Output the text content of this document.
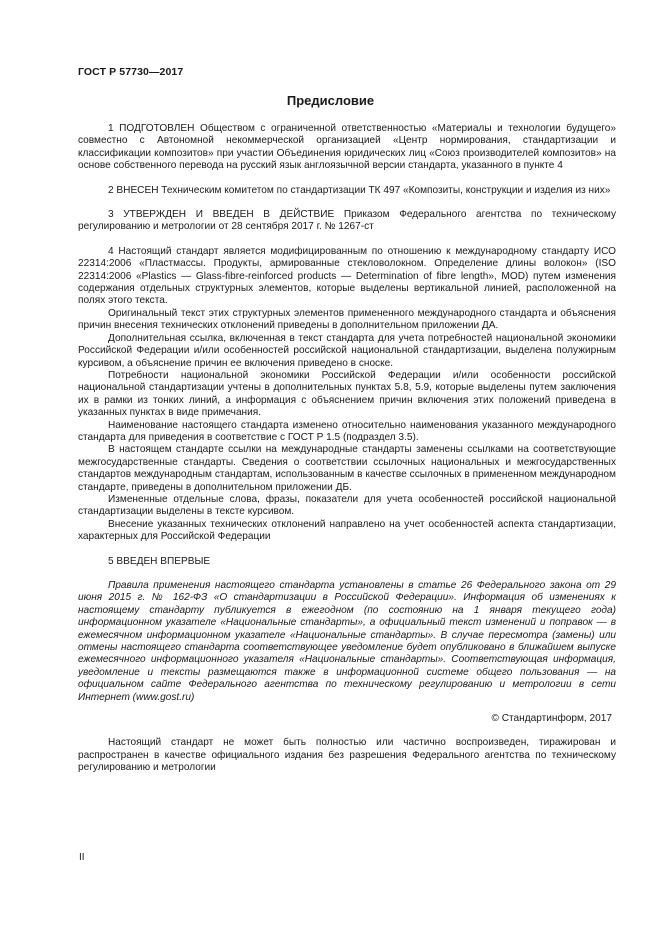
ГОСТ Р 57730—2017
Предисловие

1 ПОДГОТОВЛЕН Обществом с ограниченной ответственностью «Материалы и технологии будущего» совместно с Автономной некоммерческой организацией «Центр нормирования, стандартизации и классификации композитов» при участии Объединения юридических лиц «Союз производителей композитов» на основе собственного перевода на русский язык англоязычной версии стандарта, указанного в пункте 4

2 ВНЕСЕН Техническим комитетом по стандартизации ТК 497 «Композиты, конструкции и изделия из них»

3 УТВЕРЖДЕН И ВВЕДЕН В ДЕЙСТВИЕ Приказом Федерального агентства по техническому регулированию и метрологии от 28 сентября 2017 г. № 1267-ст

4 Настоящий стандарт является модифицированным по отношению к международному стандарту ИСО 22314:2006 «Пластмассы. Продукты, армированные стекловолокном. Определение длины волокон» (ISO 22314:2006 «Plastics — Glass-fibre-reinforced products — Determination of fibre length», MOD) путем изменения содержания отдельных структурных элементов, которые выделены вертикальной линией, расположенной на полях этого текста.

Оригинальный текст этих структурных элементов примененного международного стандарта и объяснения причин внесения технических отклонений приведены в дополнительном приложении ДА.

Дополнительная ссылка, включенная в текст стандарта для учета потребностей национальной экономики Российской Федерации и/или особенностей российской национальной стандартизации, выделена полужирным курсивом, а объяснение причин ее включения приведено в сноске.

Потребности национальной экономики Российской Федерации и/или особенности российской национальной стандартизации учтены в дополнительных пунктах 5.8, 5.9, которые выделены путем заключения их в рамки из тонких линий, а информация с объяснением причин включения этих положений приведена в указанных пунктах в виде примечания.

Наименование настоящего стандарта изменено относительно наименования указанного международного стандарта для приведения в соответствие с ГОСТ Р 1.5 (подраздел 3.5).

В настоящем стандарте ссылки на международные стандарты заменены ссылками на соответствующие межгосударственные стандарты. Сведения о соответствии ссылочных национальных и межгосударственных стандартов международным стандартам, использованным в качестве ссылочных в примененном международном стандарте, приведены в дополнительном приложении ДБ.

Измененные отдельные слова, фразы, показатели для учета особенностей российской национальной стандартизации выделены в тексте курсивом.

Внесение указанных технических отклонений направлено на учет особенностей аспекта стандартизации, характерных для Российской Федерации

5 ВВЕДЕН ВПЕРВЫЕ

Правила применения настоящего стандарта установлены в статье 26 Федерального закона от 29 июня 2015 г. № 162-ФЗ «О стандартизации в Российской Федерации». Информация об изменениях к настоящему стандарту публикуется в ежегодном (по состоянию на 1 января текущего года) информационном указателе «Национальные стандарты», а официальный текст изменений и поправок — в ежемесячном информационном указателе «Национальные стандарты». В случае пересмотра (замены) или отмены настоящего стандарта соответствующее уведомление будет опубликовано в ближайшем выпуске ежемесячного информационного указателя «Национальные стандарты». Соответствующая информация, уведомление и тексты размещаются также в информационной системе общего пользования — на официальном сайте Федерального агентства по техническому регулированию и метрологии в сети Интернет (www.gost.ru)

© Стандартинформ, 2017

Настоящий стандарт не может быть полностью или частично воспроизведен, тиражирован и распространен в качестве официального издания без разрешения Федерального агентства по техническому регулированию и метрологии

II
